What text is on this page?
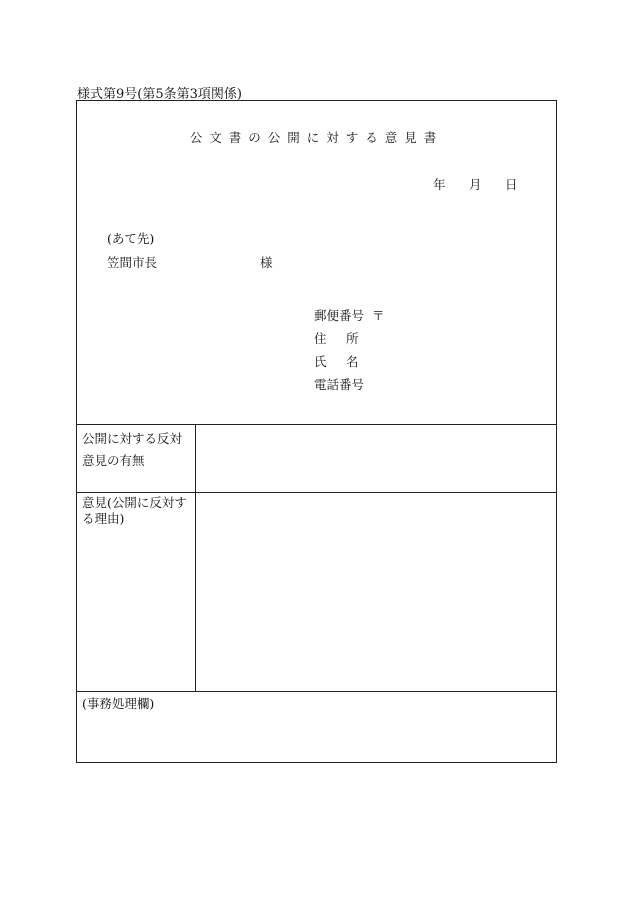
様式第9号(第5条第3項関係)
公文書の公開に対する意見書
年 月 日
(あて先)
笠間市長	様
郵便番号 〒
住 所
氏 名
電話番号
公開に対する反対意見の有無
意見(公開に反対する理由)
(事務処理欄)
